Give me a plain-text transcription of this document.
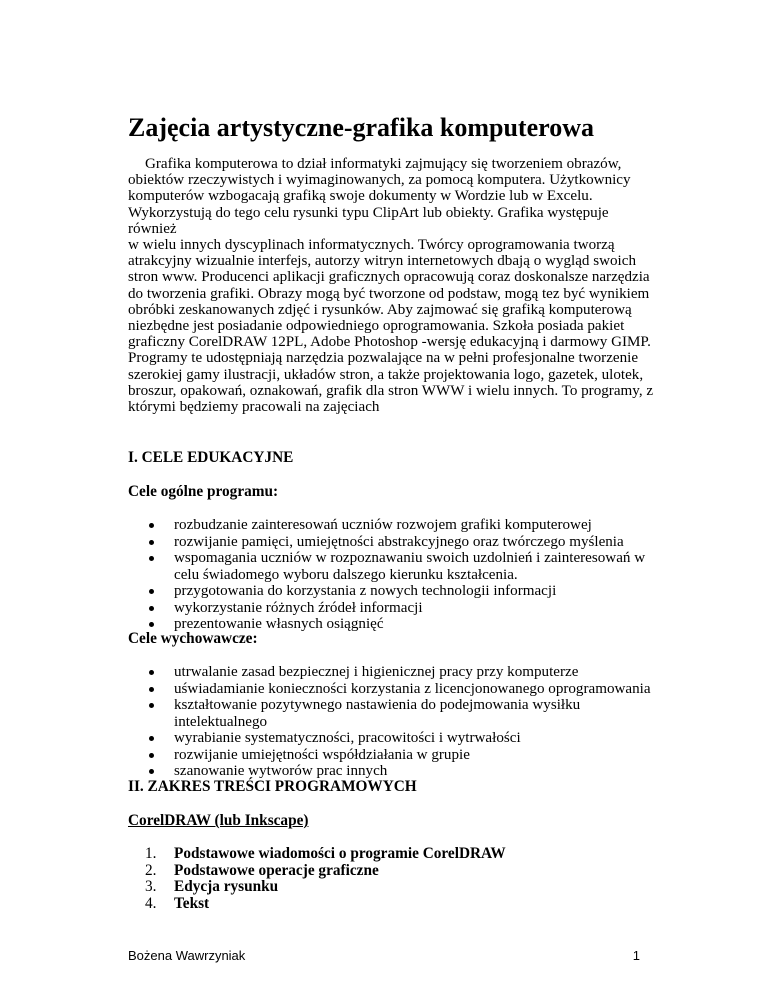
Zajęcia artystyczne-grafika komputerowa

Grafika komputerowa to dział informatyki zajmujący się tworzeniem obrazów,
obiektów rzeczywistych i wyimaginowanych, za pomocą komputera. Użytkownicy
komputerów wzbogacają grafiką swoje dokumenty w Wordzie lub w Excelu.
Wykorzystują do tego celu rysunki typu ClipArt lub obiekty. Grafika występuje również
w wielu innych dyscyplinach informatycznych. Twórcy oprogramowania tworzą
atrakcyjny wizualnie interfejs, autorzy witryn internetowych dbają o wygląd swoich
stron www. Producenci aplikacji graficznych opracowują coraz doskonalsze narzędzia
do tworzenia grafiki. Obrazy mogą być tworzone od podstaw, mogą tez być wynikiem
obróbki zeskanowanych zdjęć i rysunków. Aby zajmować się grafiką komputerową
niezbędne jest posiadanie odpowiedniego oprogramowania. Szkoła posiada pakiet
graficzny CorelDRAW 12PL, Adobe Photoshop -wersję edukacyjną i darmowy GIMP.
Programy te udostępniają narzędzia pozwalające na w pełni profesjonalne tworzenie
szerokiej gamy ilustracji, układów stron, a także projektowania logo, gazetek, ulotek,
broszur, opakowań, oznakowań, grafik dla stron WWW i wielu innych. To programy, z
którymi będziemy pracowali na zajęciach

I. CELE EDUKACYJNE
Cele ogólne programu:
rozbudzanie zainteresowań uczniów rozwojem grafiki komputerowej
rozwijanie pamięci, umiejętności abstrakcyjnego oraz twórczego myślenia
wspomagania uczniów w rozpoznawaniu swoich uzdolnień i zainteresowań w celu świadomego wyboru dalszego kierunku kształcenia.
przygotowania do korzystania z nowych technologii informacji
wykorzystanie różnych źródeł informacji
prezentowanie własnych osiągnięć
Cele wychowawcze:
utrwalanie zasad bezpiecznej i higienicznej pracy przy komputerze
uświadamianie konieczności korzystania z licencjonowanego oprogramowania
kształtowanie pozytywnego nastawienia do podejmowania wysiłku intelektualnego
wyrabianie systematyczności, pracowitości i wytrwałości
rozwijanie umiejętności współdziałania w grupie
szanowanie wytworów prac innych
II. ZAKRES TREŚCI PROGRAMOWYCH
CorelDRAW (lub Inkscape)
1. Podstawowe wiadomości o programie CorelDRAW
2. Podstawowe operacje graficzne
3. Edycja rysunku
4. Tekst
Bożena Wawrzyniak	1
